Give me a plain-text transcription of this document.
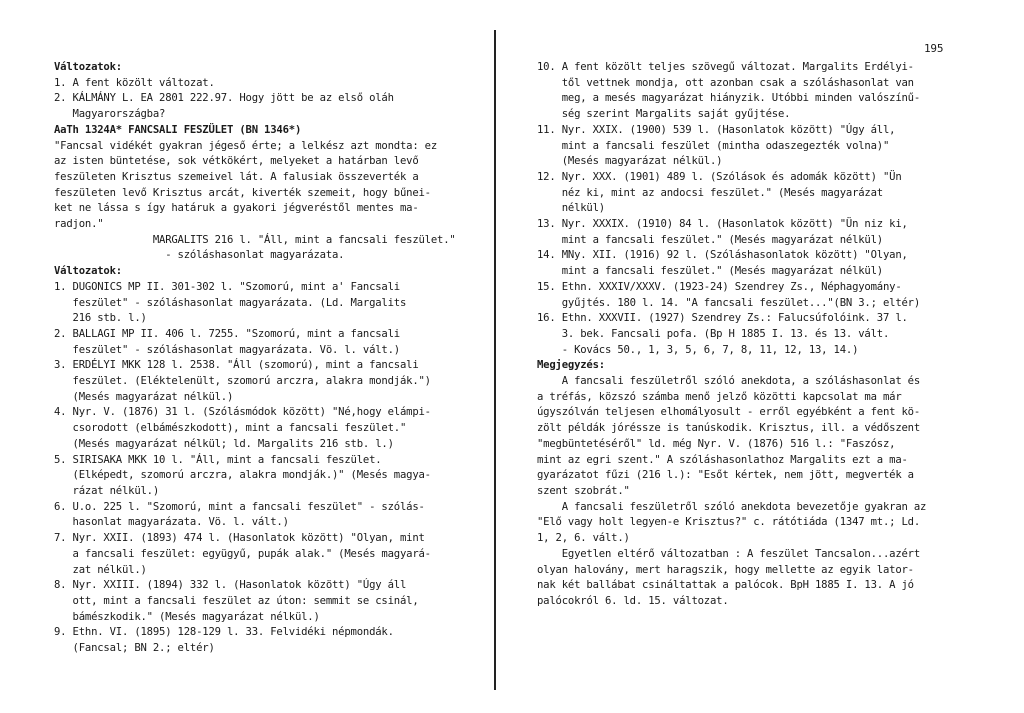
195
Változatok:
1. A fent közölt változat.
2. KÁLMÁNY L. EA 2801 222.97. Hogy jött be az első oláh
Magyarországba?
AaTh 1324A* FANCSALI FESZÜLET (BN 1346*)
"Fancsal vidékét gyakran jégeső érte; a lelkész azt mondta: ez
az isten büntetése, sok vétkökért, melyeket a határban levő
feszületen Krisztus szemeivel lát. A falusiak összeverték a
feszületen levő Krisztus arcát, kiverték szemeit, hogy bűnei-
ket ne lássa s így határuk a gyakori jégveréstől mentes ma-
radjon."
MARGALITS 216 l. "Áll, mint a fancsali feszület."
- szóláshasonlat magyarázata.
Változatok:
1. DUGONICS MP II. 301-302 l. "Szomorú, mint a' Fancsali
feszület" - szóláshasonlat magyarázata. (Ld. Margalits
216 stb. l.)
2. BALLAGI MP II. 406 l. 7255. "Szomorú, mint a fancsali
feszület" - szóláshasonlat magyarázata. Vö. l. vált.)
3. ERDÉLYI MKK 128 l. 2538. "Áll (szomorú), mint a fancsali
feszület. (Eléktelenült, szomorú arczra, alakra mondják.")
(Mesés magyarázat nélkül.)
4. Nyr. V. (1876) 31 l. (Szólásmódok között) "Né,hogy elámpi-
csorodott (elbámészkodott), mint a fancsali feszület."
(Mesés magyarázat nélkül; ld. Margalits 216 stb. l.)
5. SIRISAKA MKK 10 l. "Áll, mint a fancsali feszület.
(Elképedt, szomorú arczra, alakra mondják.)" (Mesés magya-
rázat nélkül.)
6. U.o. 225 l. "Szomorú, mint a fancsali feszület" - szólás-
hasonlat magyarázata. Vö. l. vált.)
7. Nyr. XXII. (1893) 474 l. (Hasonlatok között) "Olyan, mint
a fancsali feszület: együgyű, pupák alak." (Mesés magyará-
zat nélkül.)
8. Nyr. XXIII. (1894) 332 l. (Hasonlatok között) "Úgy áll
ott, mint a fancsali feszület az úton: semmit se csinál,
bámészkodik." (Mesés magyarázat nélkül.)
9. Ethn. VI. (1895) 128-129 l. 33. Felvidéki népmondák.
(Fancsal; BN 2.; eltér)
10. A fent közölt teljes szövegű változat. Margalits Erdélyi-
től vettnek mondja, ott azonban csak a szóláshasonlat van
meg, a mesés magyarázat hiányzik. Utóbbi minden valószínű-
ség szerint Margalits saját gyűjtése.
11. Nyr. XXIX. (1900) 539 l. (Hasonlatok között) "Úgy áll,
mint a fancsali feszület (mintha odaszegezték volna)"
(Mesés magyarázat nélkül.)
12. Nyr. XXX. (1901) 489 l. (Szólások és adomák között) "Ün
néz ki, mint az andocsi feszület." (Mesés magyarázat
nélkül)
13. Nyr. XXXIX. (1910) 84 l. (Hasonlatok között) "Ün niz ki,
mint a fancsali feszület." (Mesés magyarázat nélkül)
14. MNy. XII. (1916) 92 l. (Szóláshasonlatok között) "Olyan,
mint a fancsali feszület." (Mesés magyarázat nélkül)
15. Ethn. XXXIV/XXXV. (1923-24) Szendrey Zs., Néphagyomány-
gyűjtés. 180 l. 14. "A fancsali feszület..."(BN 3.; eltér)
16. Ethn. XXXVII. (1927) Szendrey Zs.: Falucsúfolóink. 37 l.
3. bek. Fancsali pofa. (Bp H 1885 I. 13. és 13. vált.
- Kovács 50., 1, 3, 5, 6, 7, 8, 11, 12, 13, 14.)
Megjegyzés:
A fancsali feszületről szóló anekdota, a szóláshasonlat és
a tréfás, közszó számba menő jelző közötti kapcsolat ma már
úgyszólván teljesen elhomályosult - erről egyébként a fent kö-
zölt példák jóréssze is tanúskodik. Krisztus, ill. a védőszent
"megbüntetéséről" ld. még Nyr. V. (1876) 516 l.: "Faszósz,
mint az egri szent." A szóláshasonlathoz Margalits ezt a ma-
gyarázatot fűzi (216 l.): "Esőt kértek, nem jött, megverték a
szent szobrát."
A fancsali feszületről szóló anekdota bevezetője gyakran az
"Elő vagy holt legyen-e Krisztus?" c. rátótiáda (1347 mt.; Ld.
1, 2, 6. vált.)
Egyetlen eltérő változatban : A feszület Tancsalon...azért
olyan halovány, mert haragszik, hogy mellette az egyik lator-
nak két ballábat csináltattak a palócok. BpH 1885 I. 13. A jó
palócokról 6. ld. 15. változat.
